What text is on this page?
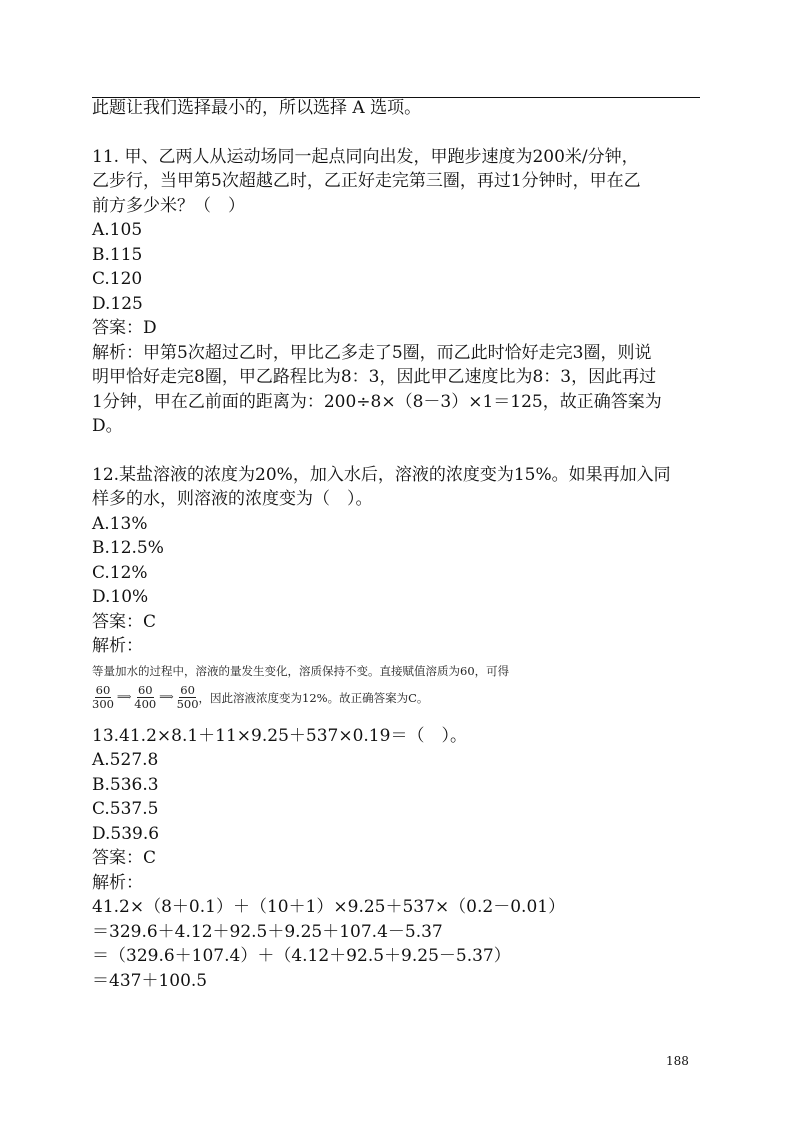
此题让我们选择最小的，所以选择 A 选项。
11. 甲、乙两人从运动场同一起点同向出发，甲跑步速度为200米/分钟，
乙步行，当甲第5次超越乙时，乙正好走完第三圈，再过1分钟时，甲在乙
前方多少米？（　）
A.105
B.115
C.120
D.125
答案：D
解析：甲第5次超过乙时，甲比乙多走了5圈，而乙此时恰好走完3圈，则说
明甲恰好走完8圈，甲乙路程比为8：3，因此甲乙速度比为8：3，因此再过
1分钟，甲在乙前面的距离为：200÷8×（8－3）×1＝125，故正确答案为
D。
12.某盐溶液的浓度为20%，加入水后，溶液的浓度变为15%。如果再加入同
样多的水，则溶液的浓度变为（　）。
A.13%
B.12.5%
C.12%
D.10%
答案：C
解析：
等量加水的过程中，溶液的量发生变化，溶质保持不变。直接赋值溶质为60，可得
$\frac{60}{300}$ ⟹ $\frac{60}{400}$ ⟹ $\frac{60}{500}$ ，因此溶液浓度变为12%。故正确答案为C。
13.41.2×8.1＋11×9.25＋537×0.19＝（　）。
A.527.8
B.536.3
C.537.5
D.539.6
答案：C
解析：
41.2×（8＋0.1）＋（10＋1）×9.25＋537×（0.2－0.01）
＝329.6＋4.12＋92.5＋9.25＋107.4－5.37
＝（329.6＋107.4）＋（4.12＋92.5＋9.25－5.37）
＝437＋100.5
188
